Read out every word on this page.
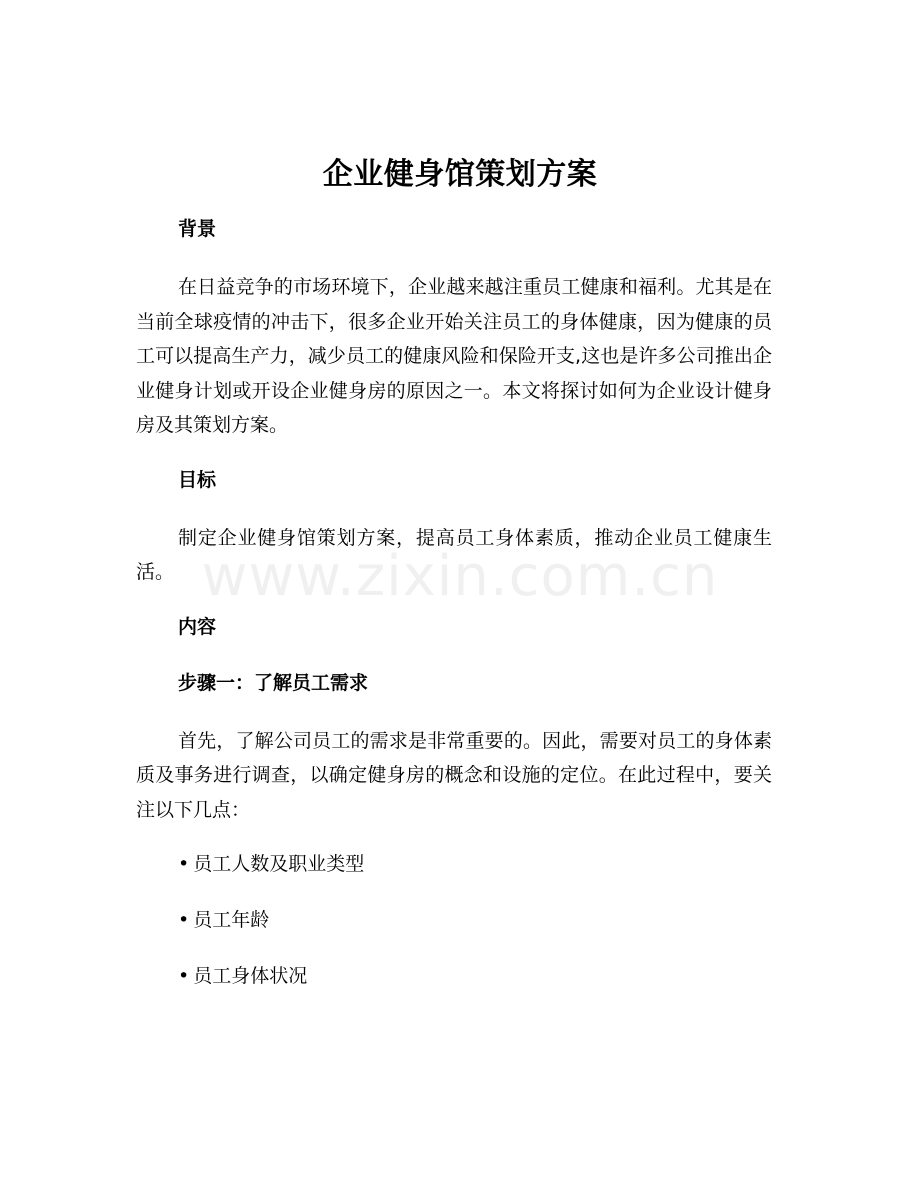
www.zixin.com.cn
企业健身馆策划方案
背景

在日益竞争的市场环境下，企业越来越注重员工健康和福利。尤其是在当前全球疫情的冲击下，很多企业开始关注员工的身体健康，因为健康的员工可以提高生产力，减少员工的健康风险和保险开支,这也是许多公司推出企业健身计划或开设企业健身房的原因之一。本文将探讨如何为企业设计健身房及其策划方案。

目标

制定企业健身馆策划方案，提高员工身体素质，推动企业员工健康生活。

内容
步骤一：了解员工需求

首先，了解公司员工的需求是非常重要的。因此，需要对员工的身体素质及事务进行调查，以确定健身房的概念和设施的定位。在此过程中，要关注以下几点：

• 员工人数及职业类型
• 员工年龄
• 员工身体状况
